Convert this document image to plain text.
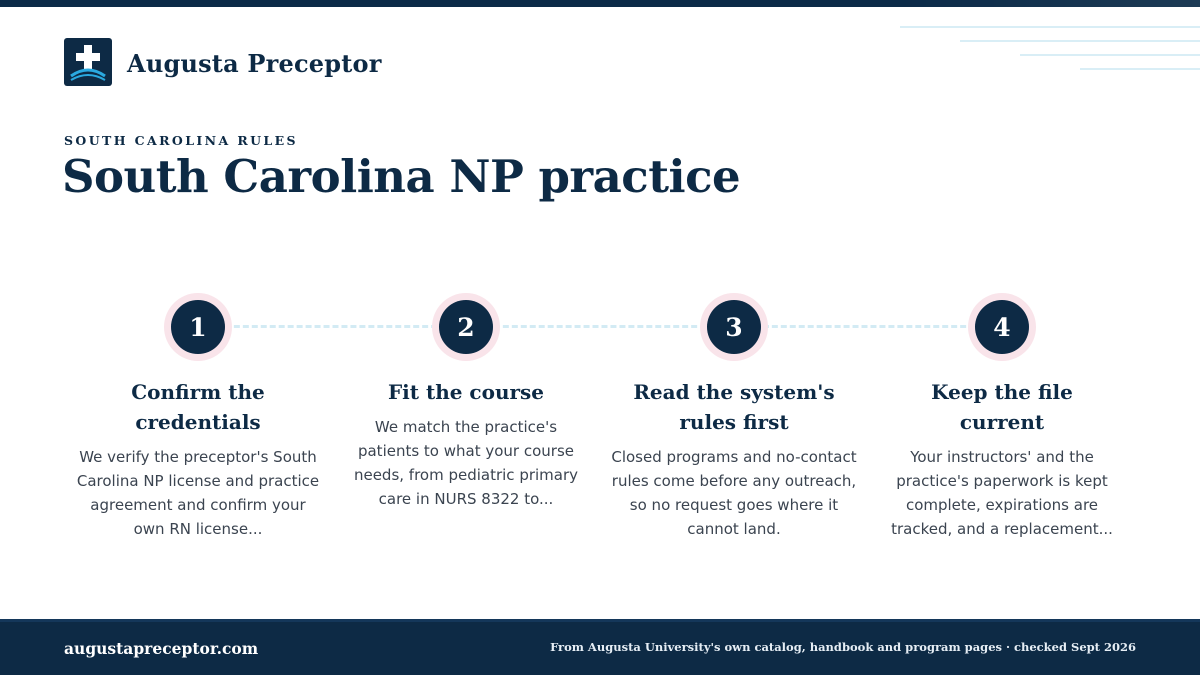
Augusta Preceptor
SOUTH CAROLINA RULES
South Carolina NP practice
1
Confirm the credentials
We verify the preceptor's South Carolina NP license and practice agreement and confirm your own RN license...
2
Fit the course
We match the practice's patients to what your course needs, from pediatric primary care in NURS 8322 to...
3
Read the system's rules first
Closed programs and no-contact rules come before any outreach, so no request goes where it cannot land.
4
Keep the file current
Your instructors' and the practice's paperwork is kept complete, expirations are tracked, and a replacement...
augustapreceptor.com	From Augusta University's own catalog, handbook and program pages · checked Sept 2026
